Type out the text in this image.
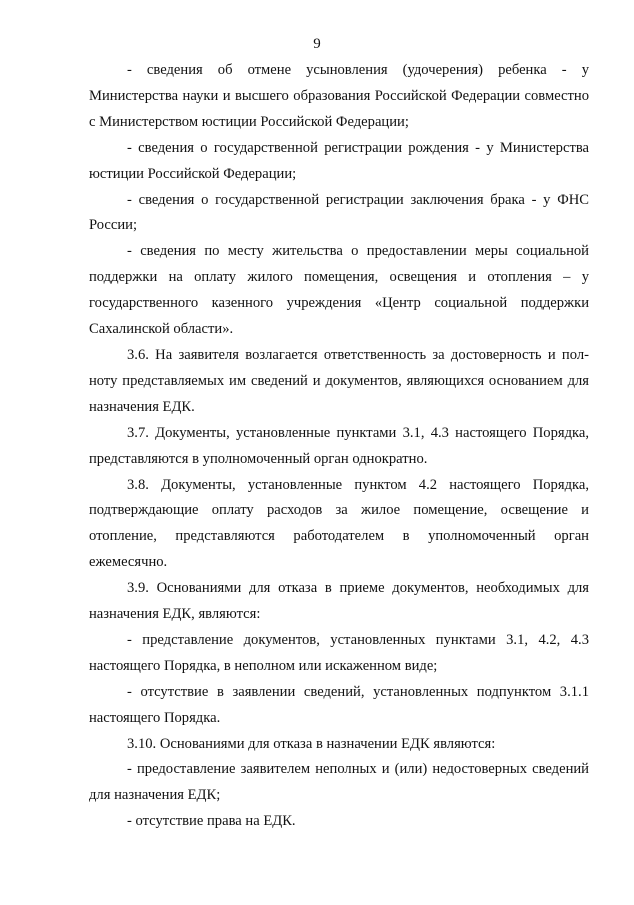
9

- сведения об отмене усыновления (удочерения) ребенка - у Министерства науки и высшего образования Российской Федерации совместно с Министерством юстиции Российской Федерации;

- сведения о государственной регистрации рождения - у Министерства юстиции Российской Федерации;

- сведения о государственной регистрации заключения брака - у ФНС России;

- сведения по месту жительства о предоставлении меры социальной поддержки на оплату жилого помещения, освещения и отопления – у государственного казенного учреждения «Центр социальной поддержки Сахалинской области».

3.6. На заявителя возлагается ответственность за достоверность и полноту представляемых им сведений и документов, являющихся основанием для назначения ЕДК.

3.7. Документы, установленные пунктами 3.1, 4.3 настоящего Порядка, представляются в уполномоченный орган однократно.

3.8. Документы, установленные пунктом 4.2 настоящего Порядка, подтверждающие оплату расходов за жилое помещение, освещение и отопление, представляются работодателем в уполномоченный орган ежемесячно.

3.9. Основаниями для отказа в приеме документов, необходимых для назначения ЕДК, являются:

- представление документов, установленных пунктами 3.1, 4.2, 4.3 настоящего Порядка, в неполном или искаженном виде;

- отсутствие в заявлении сведений, установленных подпунктом 3.1.1 настоящего Порядка.

3.10. Основаниями для отказа в назначении ЕДК являются:

- предоставление заявителем неполных и (или) недостоверных сведений для назначения ЕДК;

- отсутствие права на ЕДК.
